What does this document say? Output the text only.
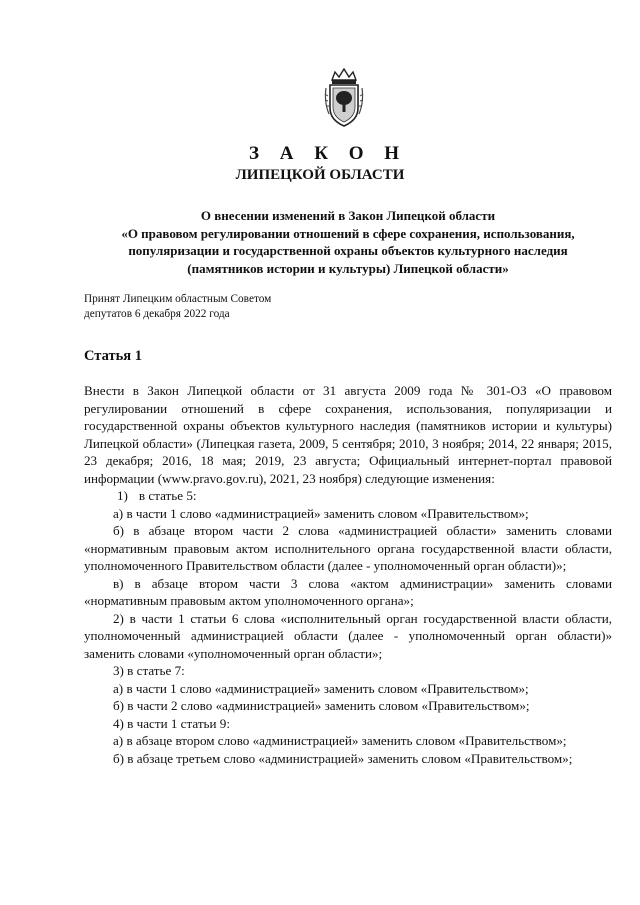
З А К О Н
ЛИПЕЦКОЙ ОБЛАСТИ
О внесении изменений в Закон Липецкой области
«О правовом регулировании отношений в сфере сохранения, использования,
популяризации и государственной охраны объектов культурного наследия
(памятников истории и культуры) Липецкой области»
Принят Липецким областным Советом
депутатов 6 декабря 2022 года
Статья 1

Внести в Закон Липецкой области от 31 августа 2009 года № 301-ОЗ «О правовом регулировании отношений в сфере сохранения, использования, популяризации и государственной охраны объектов культурного наследия (памятников истории и культуры) Липецкой области» (Липецкая газета, 2009, 5 сентября; 2010, 3 ноября; 2014, 22 января; 2015, 23 декабря; 2016, 18 мая; 2019, 23 августа; Официальный интернет-портал правовой информации (www.pravo.gov.ru), 2021, 23 ноября) следующие изменения:

1) в статье 5:

а) в части 1 слово «администрацией» заменить словом «Правительством»;

б) в абзаце втором части 2 слова «администрацией области» заменить словами «нормативным правовым актом исполнительного органа государственной власти области, уполномоченного Правительством области (далее - уполномоченный орган области)»;

в) в абзаце втором части 3 слова «актом администрации» заменить словами «нормативным правовым актом уполномоченного органа»;

2) в части 1 статьи 6 слова «исполнительный орган государственной власти области, уполномоченный администрацией области (далее - уполномоченный орган области)» заменить словами «уполномоченный орган области»;

3) в статье 7:

а) в части 1 слово «администрацией» заменить словом «Правительством»;

б) в части 2 слово «администрацией» заменить словом «Правительством»;

4) в части 1 статьи 9:

а) в абзаце втором слово «администрацией» заменить словом «Правительством»;

б) в абзаце третьем слово «администрацией» заменить словом «Правительством»;
